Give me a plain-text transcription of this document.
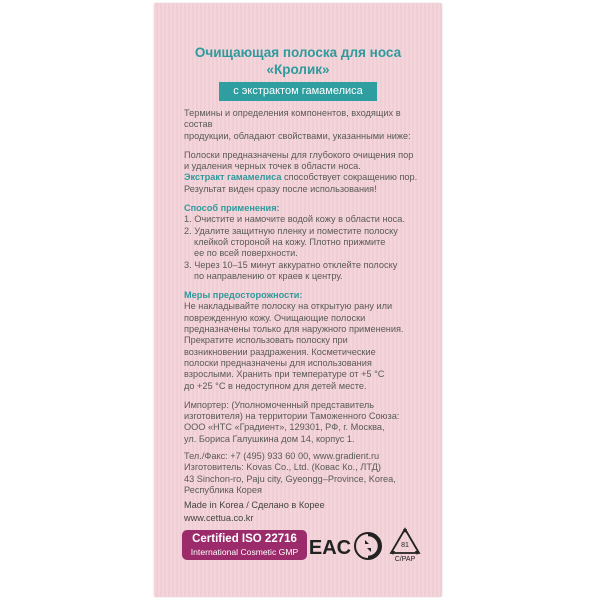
Очищающая полоска для носа
«Кролик»
с экстрактом гамамелиса

Термины и определения компонентов, входящих в состав

продукции, обладают свойствами, указанными ниже:

Полоски предназначены для глубокого очищения пор

и удаления черных точек в области носа.

Экстракт гамамелиса способствует сокращению пор.

Результат виден сразу после использования!

Способ применения:

1. Очистите и намочите водой кожу в области носа.
2. Удалите защитную пленку и поместите полоску
клейкой стороной на кожу. Плотно прижмите
ее по всей поверхности.
3. Через 10–15 минут аккуратно отклейте полоску
по направлению от краев к центру.

Меры предосторожности:

Не накладывайте полоску на открытую рану или

поврежденную кожу. Очищающие полоски

предназначены только для наружного применения.

Прекратите использовать полоску при

возникновении раздражения. Косметические

полоски предназначены для использования

взрослыми. Хранить при температуре от +5 °C

до +25 °C в недоступном для детей месте.

Импортер: (Уполномоченный представитель

изготовителя) на территории Таможенного Союза:

ООО «НТС «Градиент», 129301, РФ, г. Москва,

ул. Бориса Галушкина дом 14, корпус 1.

Тел./Факс: +7 (495) 933 60 00, www.gradient.ru

Изготовитель: Kovas Co., Ltd. (Ковас Ко., ЛТД)

43 Sinchon-ro, Paju city, Gyeongg–Province, Korea,

Республика Корея

Made in Korea / Сделано в Корее
www.cettua.co.kr
Certified ISO 22716
International Cosmetic GMP EAC	81
C/PAP
